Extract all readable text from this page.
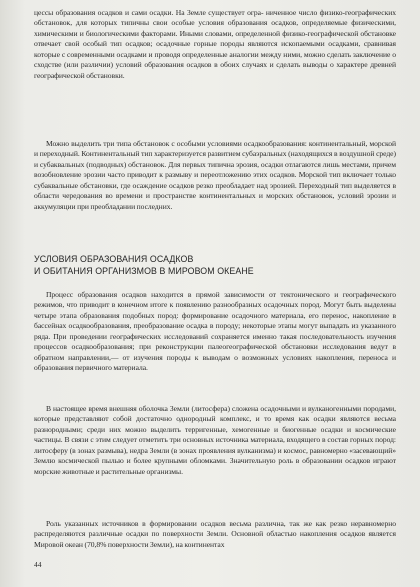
цессы образования осадков и сами осадки. На Земле существует огра- ниченное число физико-географических обстановок, для которых типичны свои особые условия образования осадков, определяемые физическими, химическими и биологическими факторами. Иными словами, определенной физико-географической обстановке отвечает свой особый тип осадков; осадочные горные породы являются ископаемыми осадками, сравнивая которые с современными осадками и проводя определенные аналогии между ними, можно сделать заключение о сходстве (или различии) условий образования осадков в обоих случаях и сделать выводы о характере древней географической обстановки.

Можно выделить три типа обстановок с особыми условиями осадкообразования: континентальный, морской и переходный. Континентальный тип характеризуется развитием субаэральных (находящихся в воздушной среде) и субаквальных (подводных) обстановок. Для первых типична эрозия, осадки отлагаются лишь местами, причем возобновление эрозии часто приводит к размыву и переотложению этих осадков. Морской тип включает только субаквальные обстановки, где осаждение осадков резко преобладает над эрозией. Переходный тип выделяется в области чередования во времени и пространстве континентальных и морских обстановок, условий эрозии и аккумуляции при преобладании последних.

УСЛОВИЯ ОБРАЗОВАНИЯ ОСАДКОВ
И ОБИТАНИЯ ОРГАНИЗМОВ В МИРОВОМ ОКЕАНЕ

Процесс образования осадков находится в прямой зависимости от тектонического и географического режимов, что приводит в конечном итоге к появлению разнообразных осадочных пород. Могут быть выделены четыре этапа образования подобных пород: формирование осадочного материала, его перенос, накопление в бассейнах осадкообразования, преобразование осадка в породу; некоторые этапы могут выпадать из указанного ряда. При проведении географических исследований сохраняется именно такая последовательность изучения процессов осадкообразования; при реконструкции палеогеографической обстановки исследования ведут в обратном направлении,— от изучения породы к выводам о возможных условиях накопления, переноса и образования первичного материала.

В настоящее время внешняя оболочка Земли (литосфера) сложена осадочными и вулканогенными породами, которые представляют собой достаточно однородный комплекс, и то время как осадки являются весьма разнородными; среди них можно выделить терригенные, хемогенные и биогенные осадки и космические частицы. В связи с этим следует отметить три основных источника материала, входящего в состав горных пород: литосферу (в зонах размыва), недра Земли (в зонах проявления вулканизма) и космос, равномерно «засевающий» Землю космической пылью и более крупными обломками. Значительную роль в образовании осадков играют морские животные и растительные организмы.

Роль указанных источников в формировании осадков весьма различна, так же как резко неравномерно распределяются различные осадки по поверхности Земли. Основной областью накопления осадков является Мировой океан (70,8% поверхности Земли), на континентах

44
